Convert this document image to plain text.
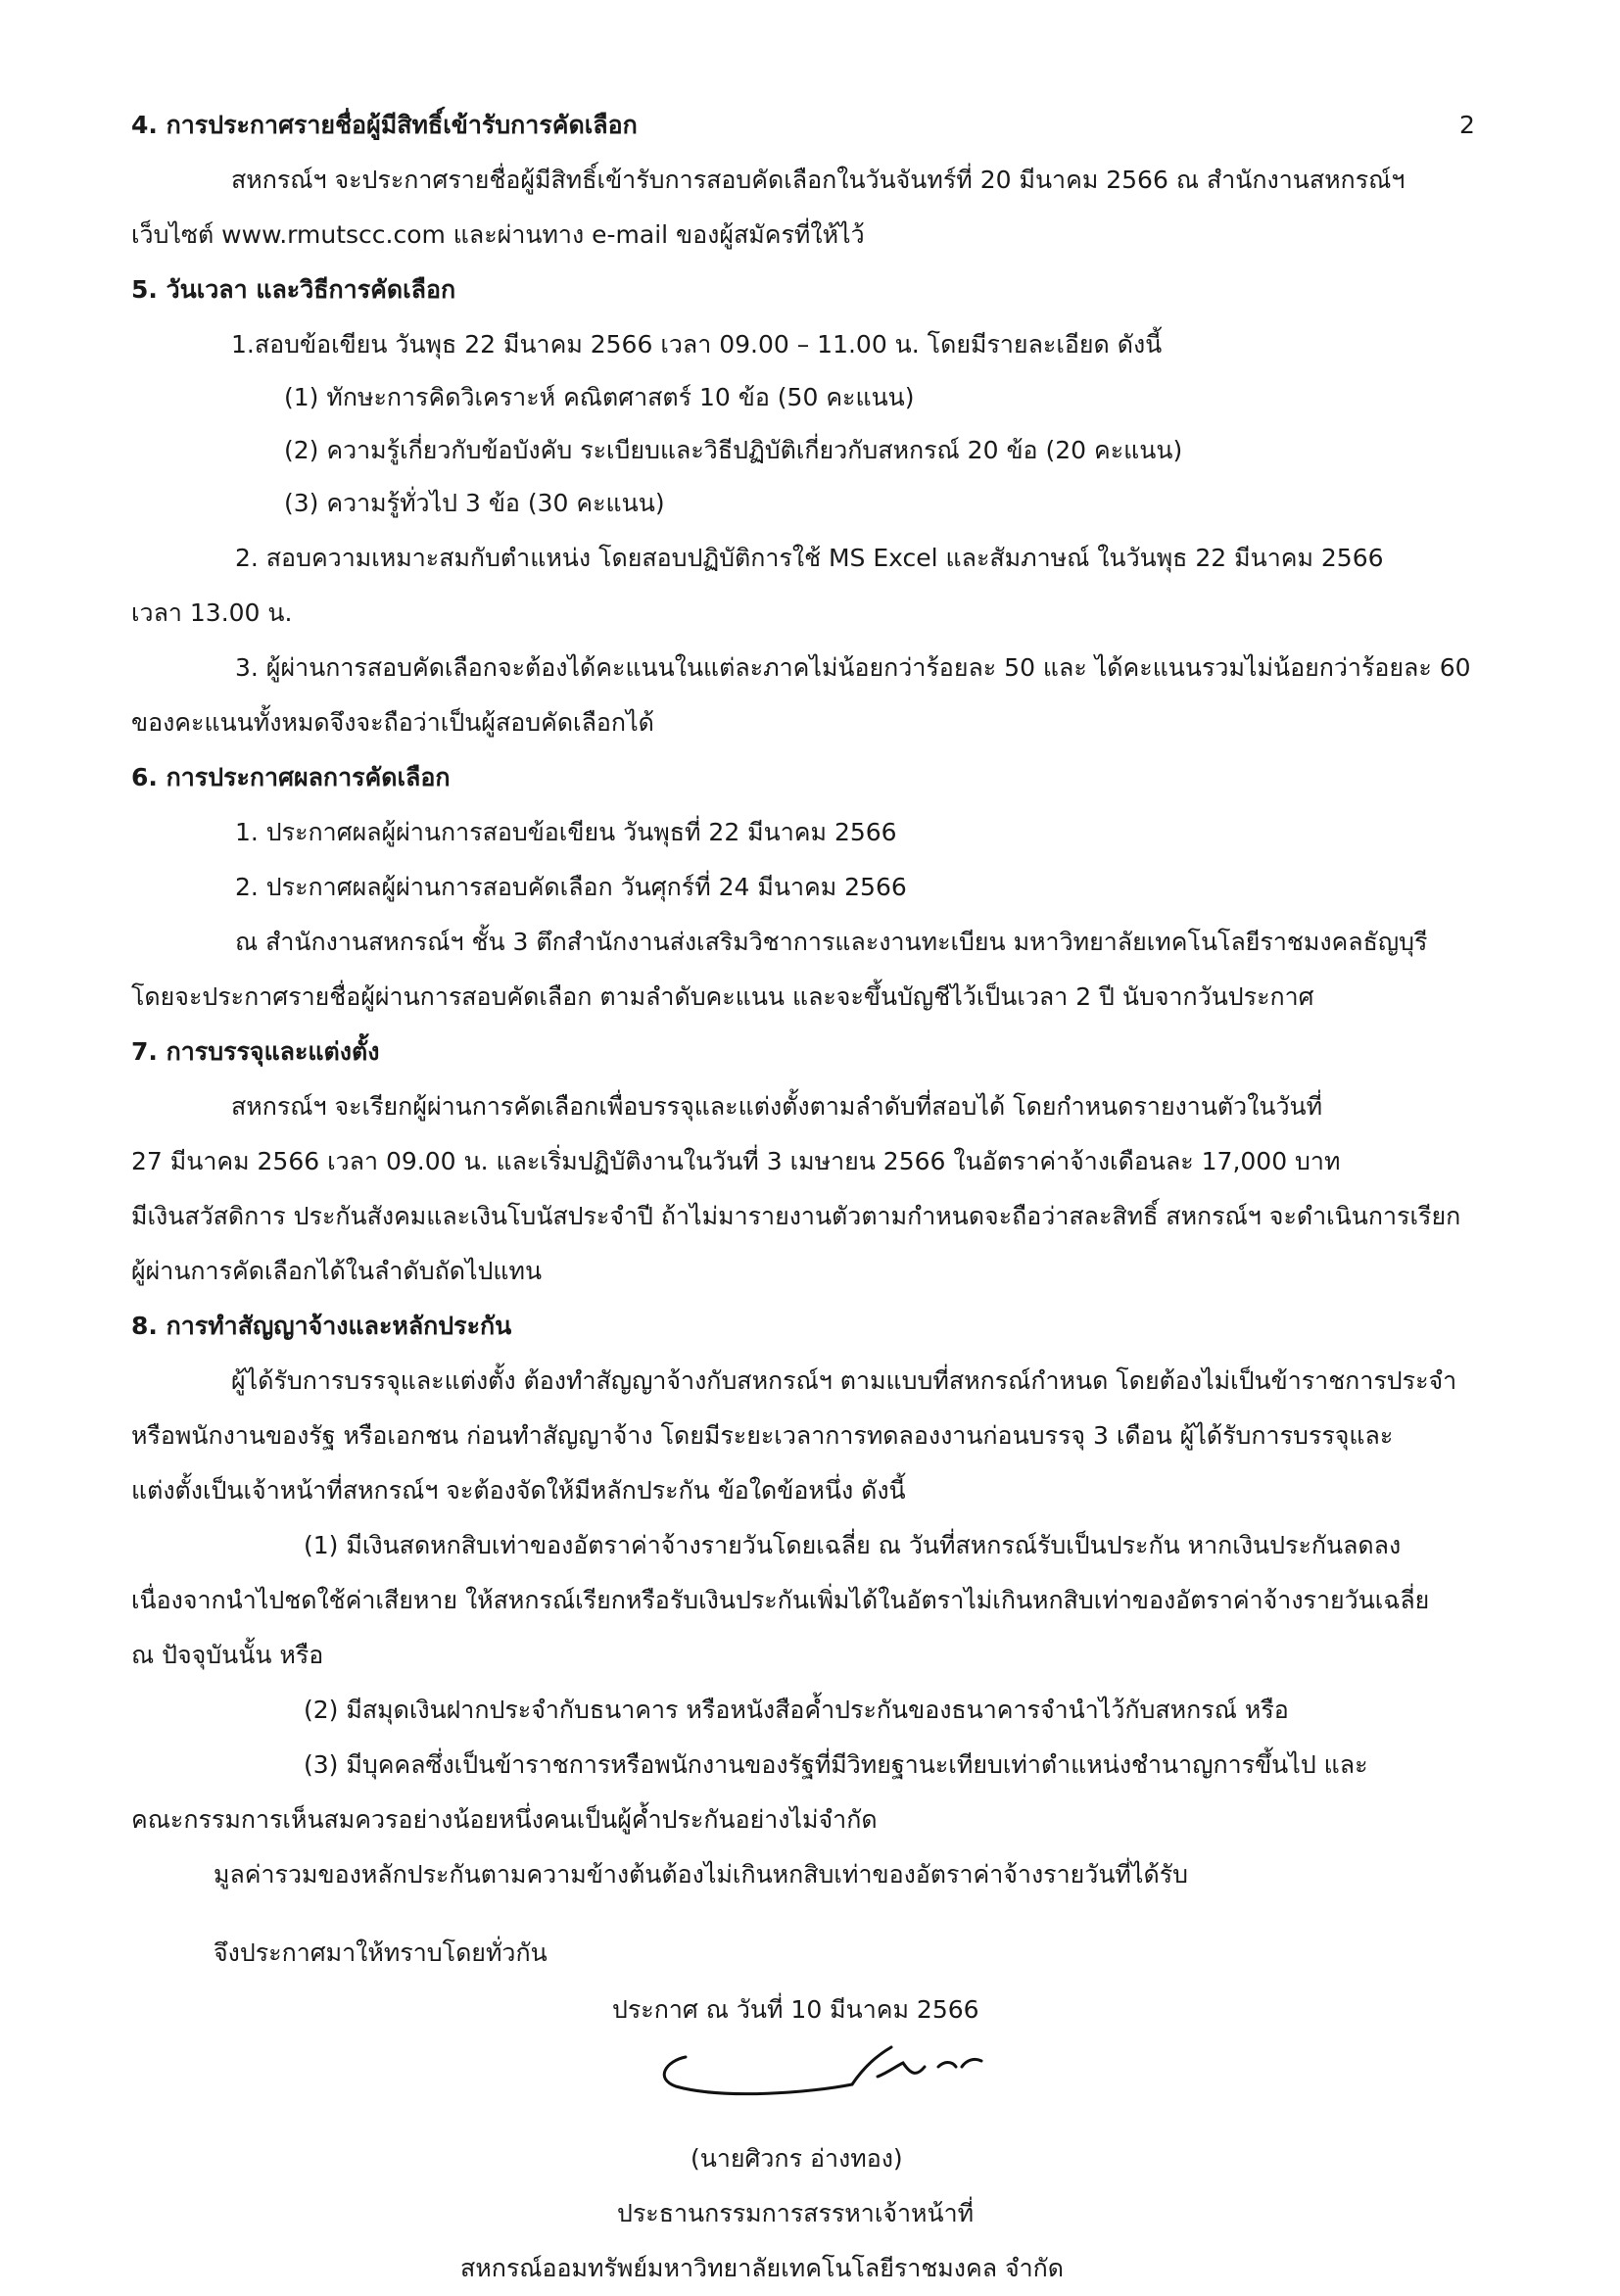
2
4. การประกาศรายชื่อผู้มีสิทธิ์เข้ารับการคัดเลือก
สหกรณ์ฯ จะประกาศรายชื่อผู้มีสิทธิ์เข้ารับการสอบคัดเลือกในวันจันทร์ที่ 20 มีนาคม 2566 ณ สำนักงานสหกรณ์ฯ
เว็บไซต์ www.rmutscc.com และผ่านทาง e-mail ของผู้สมัครที่ให้ไว้
5. วันเวลา และวิธีการคัดเลือก
1.สอบข้อเขียน วันพุธ 22 มีนาคม 2566 เวลา 09.00 – 11.00 น. โดยมีรายละเอียด ดังนี้
(1) ทักษะการคิดวิเคราะห์ คณิตศาสตร์ 10 ข้อ (50 คะแนน)
(2) ความรู้เกี่ยวกับข้อบังคับ ระเบียบและวิธีปฏิบัติเกี่ยวกับสหกรณ์ 20 ข้อ (20 คะแนน)
(3) ความรู้ทั่วไป 3 ข้อ (30 คะแนน)
2. สอบความเหมาะสมกับตำแหน่ง โดยสอบปฏิบัติการใช้ MS Excel และสัมภาษณ์ ในวันพุธ 22 มีนาคม 2566
เวลา 13.00 น.
3. ผู้ผ่านการสอบคัดเลือกจะต้องได้คะแนนในแต่ละภาคไม่น้อยกว่าร้อยละ 50 และ ได้คะแนนรวมไม่น้อยกว่าร้อยละ 60
ของคะแนนทั้งหมดจึงจะถือว่าเป็นผู้สอบคัดเลือกได้
6. การประกาศผลการคัดเลือก
1. ประกาศผลผู้ผ่านการสอบข้อเขียน วันพุธที่ 22 มีนาคม 2566
2. ประกาศผลผู้ผ่านการสอบคัดเลือก วันศุกร์ที่ 24 มีนาคม 2566
ณ สำนักงานสหกรณ์ฯ ชั้น 3 ตึกสำนักงานส่งเสริมวิชาการและงานทะเบียน มหาวิทยาลัยเทคโนโลยีราชมงคลธัญบุรี
โดยจะประกาศรายชื่อผู้ผ่านการสอบคัดเลือก ตามลำดับคะแนน และจะขึ้นบัญชีไว้เป็นเวลา 2 ปี นับจากวันประกาศ
7. การบรรจุและแต่งตั้ง
สหกรณ์ฯ จะเรียกผู้ผ่านการคัดเลือกเพื่อบรรจุและแต่งตั้งตามลำดับที่สอบได้ โดยกำหนดรายงานตัวในวันที่
27 มีนาคม 2566 เวลา 09.00 น. และเริ่มปฏิบัติงานในวันที่ 3 เมษายน 2566 ในอัตราค่าจ้างเดือนละ 17,000 บาท
มีเงินสวัสดิการ ประกันสังคมและเงินโบนัสประจำปี ถ้าไม่มารายงานตัวตามกำหนดจะถือว่าสละสิทธิ์ สหกรณ์ฯ จะดำเนินการเรียก
ผู้ผ่านการคัดเลือกได้ในลำดับถัดไปแทน
8. การทำสัญญาจ้างและหลักประกัน
ผู้ได้รับการบรรจุและแต่งตั้ง ต้องทำสัญญาจ้างกับสหกรณ์ฯ ตามแบบที่สหกรณ์กำหนด โดยต้องไม่เป็นข้าราชการประจำ
หรือพนักงานของรัฐ หรือเอกชน ก่อนทำสัญญาจ้าง โดยมีระยะเวลาการทดลองงานก่อนบรรจุ 3 เดือน ผู้ได้รับการบรรจุและ
แต่งตั้งเป็นเจ้าหน้าที่สหกรณ์ฯ จะต้องจัดให้มีหลักประกัน ข้อใดข้อหนึ่ง ดังนี้
(1) มีเงินสดหกสิบเท่าของอัตราค่าจ้างรายวันโดยเฉลี่ย ณ วันที่สหกรณ์รับเป็นประกัน หากเงินประกันลดลง
เนื่องจากนำไปชดใช้ค่าเสียหาย ให้สหกรณ์เรียกหรือรับเงินประกันเพิ่มได้ในอัตราไม่เกินหกสิบเท่าของอัตราค่าจ้างรายวันเฉลี่ย
ณ ปัจจุบันนั้น หรือ
(2) มีสมุดเงินฝากประจำกับธนาคาร หรือหนังสือค้ำประกันของธนาคารจำนำไว้กับสหกรณ์ หรือ
(3) มีบุคคลซึ่งเป็นข้าราชการหรือพนักงานของรัฐที่มีวิทยฐานะเทียบเท่าตำแหน่งชำนาญการขึ้นไป และ
คณะกรรมการเห็นสมควรอย่างน้อยหนึ่งคนเป็นผู้ค้ำประกันอย่างไม่จำกัด
มูลค่ารวมของหลักประกันตามความข้างต้นต้องไม่เกินหกสิบเท่าของอัตราค่าจ้างรายวันที่ได้รับ
จึงประกาศมาให้ทราบโดยทั่วกัน
ประกาศ ณ วันที่ 10 มีนาคม 2566
(นายศิวกร อ่างทอง)
ประธานกรรมการสรรหาเจ้าหน้าที่
สหกรณ์ออมทรัพย์มหาวิทยาลัยเทคโนโลยีราชมงคล จำกัด
